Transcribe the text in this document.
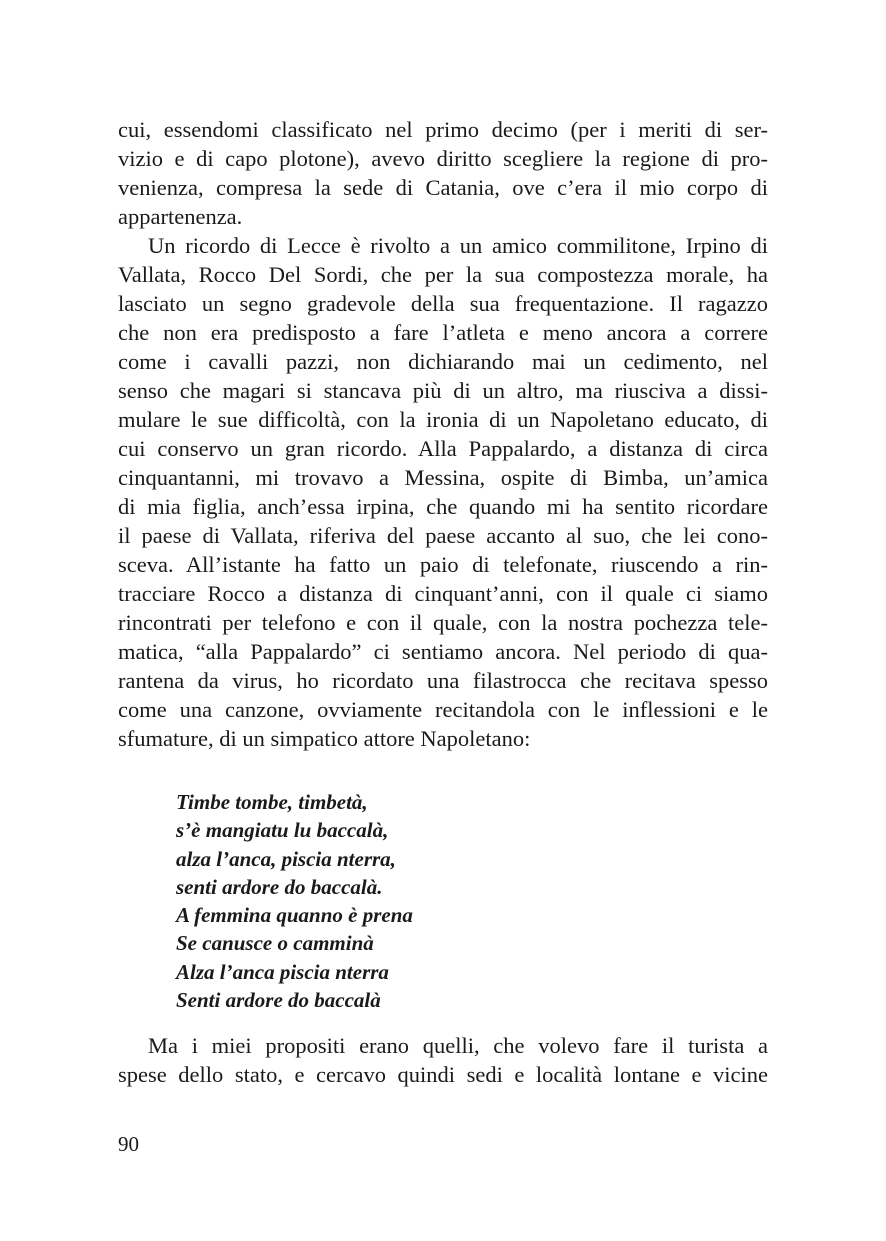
cui, essendomi classificato nel primo decimo (per i meriti di ser-
vizio e di capo plotone), avevo diritto scegliere la regione di pro-
venienza, compresa la sede di Catania, ove c’era il mio corpo di
appartenenza.
Un ricordo di Lecce è rivolto a un amico commilitone, Irpino di
Vallata, Rocco Del Sordi, che per la sua compostezza morale, ha
lasciato un segno gradevole della sua frequentazione. Il ragazzo
che non era predisposto a fare l’atleta e meno ancora a correre
come i cavalli pazzi, non dichiarando mai un cedimento, nel
senso che magari si stancava più di un altro, ma riusciva a dissi-
mulare le sue difficoltà, con la ironia di un Napoletano educato, di
cui conservo un gran ricordo. Alla Pappalardo, a distanza di circa
cinquantanni, mi trovavo a Messina, ospite di Bimba, un’amica
di mia figlia, anch’essa irpina, che quando mi ha sentito ricordare
il paese di Vallata, riferiva del paese accanto al suo, che lei cono-
sceva. All’istante ha fatto un paio di telefonate, riuscendo a rin-
tracciare Rocco a distanza di cinquant’anni, con il quale ci siamo
rincontrati per telefono e con il quale, con la nostra pochezza tele-
matica, “alla Pappalardo” ci sentiamo ancora. Nel periodo di qua-
rantena da virus, ho ricordato una filastrocca che recitava spesso
come una canzone, ovviamente recitandola con le inflessioni e le
sfumature, di un simpatico attore Napoletano:
Timbe tombe, timbetà,
s’è mangiatu lu baccalà,
alza l’anca, piscia nterra,
senti ardore do baccalà.
A femmina quanno è prena
Se canusce o camminà
Alza l’anca piscia nterra
Senti ardore do baccalà
Ma i miei propositi erano quelli, che volevo fare il turista a
spese dello stato, e cercavo quindi sedi e località lontane e vicine
90
